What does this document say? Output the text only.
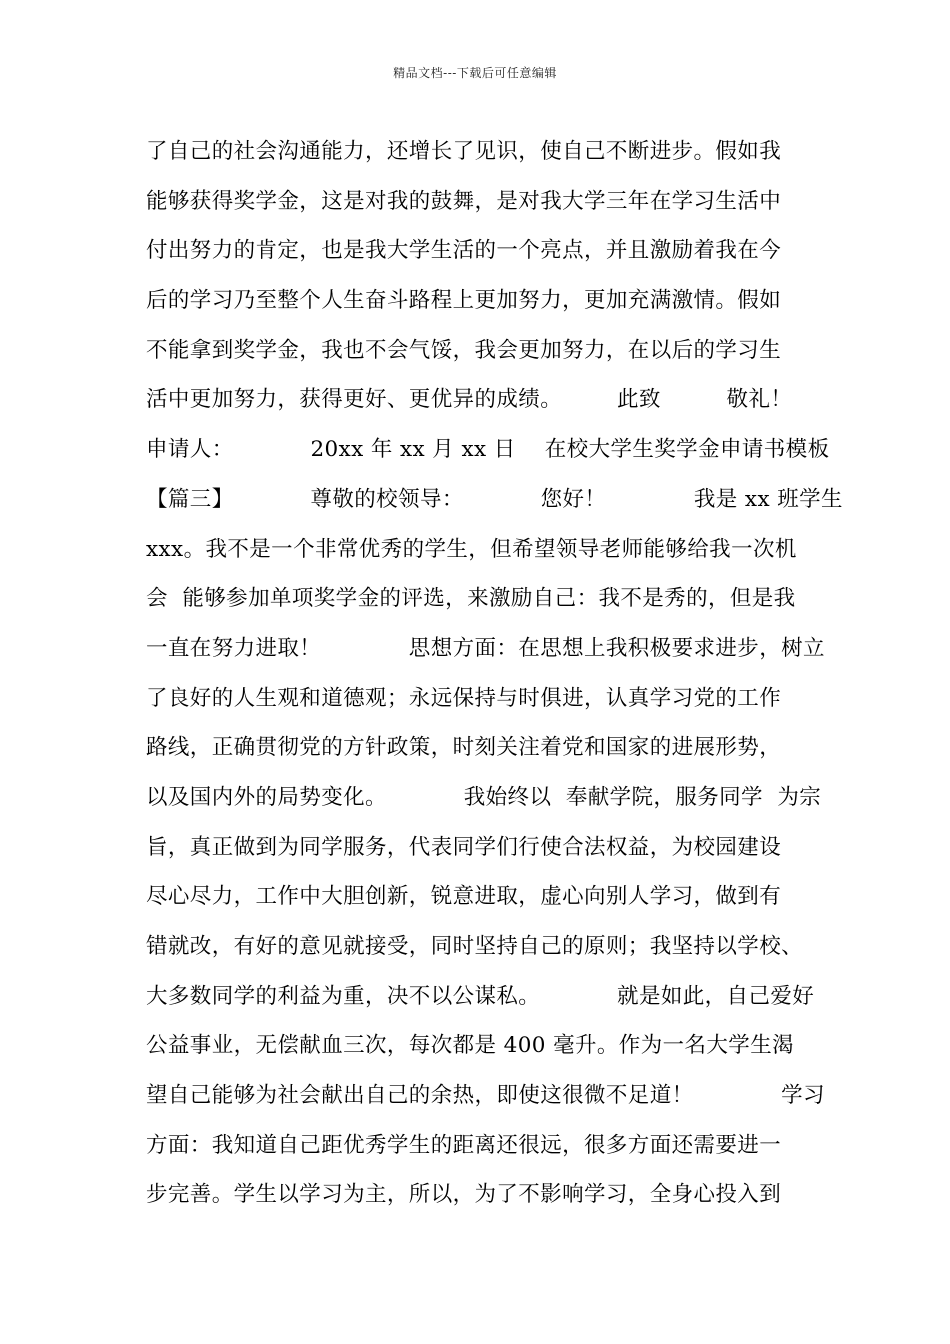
精品文档---下载后可任意编辑
了自己的社会沟通能力，还增长了见识，使自己不断进步。假如我
能够获得奖学金，这是对我的鼓舞，是对我大学三年在学习生活中
付出努力的肯定，也是我大学生活的一个亮点，并且激励着我在今
后的学习乃至整个人生奋斗路程上更加努力，更加充满激情。假如
不能拿到奖学金，我也不会气馁，我会更加努力，在以后的学习生
活中更加努力，获得更好、更优异的成绩。　　　此致　　　敬礼！
申请人：　　　　20xx 年 xx 月 xx 日　 在校大学生奖学金申请书模板
【篇三】　　　　尊敬的校领导：　　　　您好！　　　　我是 xx 班学生
xxx。我不是一个非常优秀的学生，但希望领导老师能够给我一次机
会  能够参加单项奖学金的评选，来激励自己：我不是秀的，但是我
一直在努力进取！　　　　思想方面：在思想上我积极要求进步，树立
了良好的人生观和道德观；永远保持与时俱进，认真学习党的工作
路线，正确贯彻党的方针政策，时刻关注着党和国家的进展形势，
以及国内外的局势变化。　　　　我始终以  奉献学院，服务同学  为宗
旨，真正做到为同学服务，代表同学们行使合法权益，为校园建设
尽心尽力，工作中大胆创新，锐意进取，虚心向别人学习，做到有
错就改，有好的意见就接受，同时坚持自己的原则；我坚持以学校、
大多数同学的利益为重，决不以公谋私。　　　　就是如此，自己爱好
公益事业，无偿献血三次，每次都是 400 毫升。作为一名大学生渴
望自己能够为社会献出自己的余热，即使这很微不足道！　　　　学习
方面：我知道自己距优秀学生的距离还很远，很多方面还需要进一
步完善。学生以学习为主，所以，为了不影响学习，全身心投入到
